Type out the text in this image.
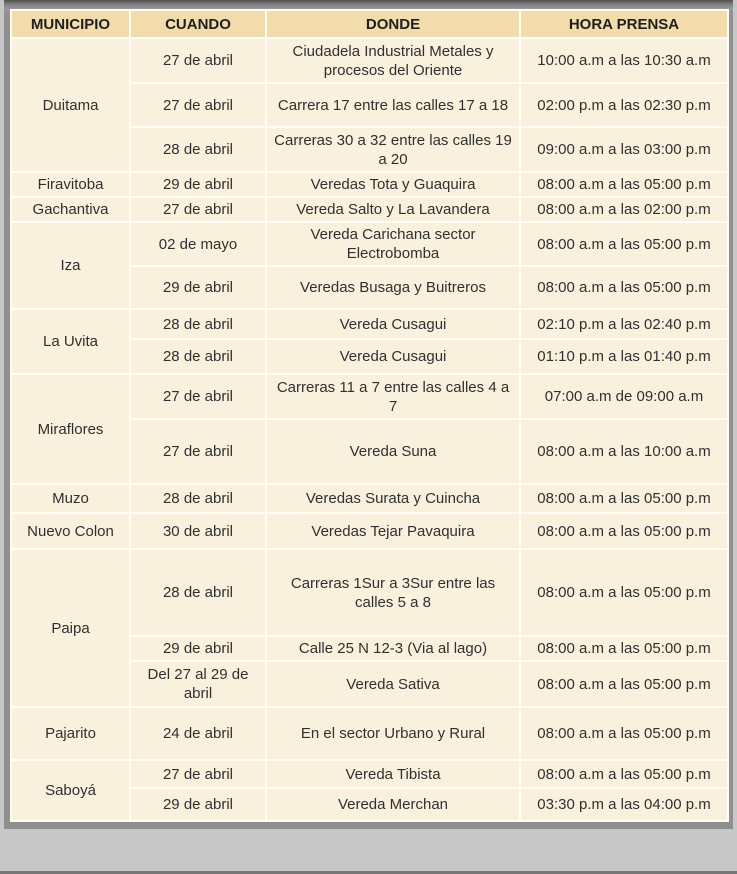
MUNICIPIO	CUANDO	DONDE	HORA PRENSA
Duitama	27 de abril	Ciudadela Industrial Metales y procesos del Oriente	10:00 a.m a las 10:30 a.m
	27 de abril	Carrera 17 entre las calles 17 a 18	02:00 p.m a las 02:30 p.m
	28 de abril	Carreras 30 a 32 entre las calles 19 a 20	09:00 a.m a las 03:00 p.m
Firavitoba	29 de abril	Veredas Tota y Guaquira	08:00 a.m a las 05:00 p.m
Gachantiva	27 de abril	Vereda Salto y La Lavandera	08:00 a.m a las 02:00 p.m
Iza	02 de mayo	Vereda Carichana sector Electrobomba	08:00 a.m a las 05:00 p.m
	29 de abril	Veredas Busaga y Buitreros	08:00 a.m a las 05:00 p.m
La Uvita	28 de abril	Vereda Cusagui	02:10 p.m a las 02:40 p.m
	28 de abril	Vereda Cusagui	01:10 p.m a las 01:40 p.m
Miraflores	27 de abril	Carreras 11 a 7 entre las calles 4 a 7	07:00 a.m de 09:00 a.m
	27 de abril	Vereda Suna	08:00 a.m a las 10:00 a.m
Muzo	28 de abril	Veredas Surata y Cuincha	08:00 a.m a las 05:00 p.m
Nuevo Colon	30 de abril	Veredas Tejar Pavaquira	08:00 a.m a las 05:00 p.m
Paipa	28 de abril	Carreras 1Sur a 3Sur entre las calles 5 a 8	08:00 a.m a las 05:00 p.m
	29 de abril	Calle 25 N 12-3 (Via al lago)	08:00 a.m a las 05:00 p.m
	Del 27 al 29 de abril	Vereda Sativa	08:00 a.m a las 05:00 p.m
Pajarito	24 de abril	En el sector Urbano y Rural	08:00 a.m a las 05:00 p.m
Saboyá	27 de abril	Vereda Tibista	08:00 a.m a las 05:00 p.m
	29 de abril	Vereda Merchan	03:30 p.m a las 04:00 p.m
